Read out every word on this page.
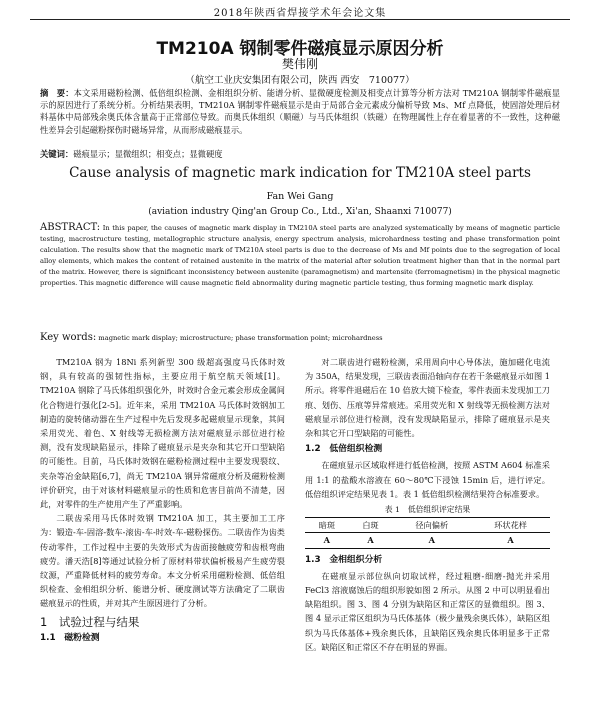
2018年陕西省焊接学术年会论文集
TM210A 钢制零件磁痕显示原因分析
樊伟刚
（航空工业庆安集团有限公司，陕西 西安　710077）
摘　要：本文采用磁粉检测、低倍组织检测、金相组织分析、能谱分析、显微硬度检测及相变点计算等分析方法对 TM210A 钢制零件磁痕显示的原因进行了系统分析。分析结果表明，TM210A 钢制零件磁痕显示是由于局部合金元素成分偏析导致 Ms、Mf 点降低，使固溶处理后材料基体中局部残余奥氏体含量高于正常部位导致。而奥氏体组织（顺磁）与马氏体组织（铁磁）在物理属性上存在着显著的不一致性，这种磁性差异会引起磁粉探伤时磁场异常，从而形成磁痕显示。
关键词：磁痕显示；显微组织；相变点；显微硬度
Cause analysis of magnetic mark indication for TM210A steel parts
Fan Wei Gang
(aviation industry Qing'an Group Co., Ltd., Xi'an, Shaanxi 710077)
ABSTRACT: In this paper, the causes of magnetic mark display in TM210A steel parts are analyzed systematically by means of magnetic particle testing, macrostructure testing, metallographic structure analysis, energy spectrum analysis, microhardness testing and phase transformation point calculation. The results show that the magnetic mark of TM210A steel parts is due to the decrease of Ms and Mf points due to the segregation of local alloy elements, which makes the content of retained austenite in the matrix of the material after solution treatment higher than that in the normal part of the matrix. However, there is significant inconsistency between austenite (paramagnetism) and martensite (ferromagnetism) in the physical magnetic properties. This magnetic difference will cause magnetic field abnormality during magnetic particle testing, thus forming magnetic mark display.
Key words: magnetic mark display; microstructure; phase transformation point; microhardness

TM210A 钢为 18Ni 系列新型 300 级超高强度马氏体时效钢，具有较高的强韧性指标，主要应用于航空航天领域[1]。TM210A 钢除了马氏体组织强化外，时效时合金元素会形成金属间化合物进行强化[2-5]。近年来，采用 TM210A 马氏体时效钢加工制造的旋转储动器在生产过程中先后发现多起磁痕显示现象，其间采用荧光、着色、X 射线等无损检测方法对磁痕显示部位进行检测，没有发现缺陷显示，排除了磁痕显示是夹杂和其它开口型缺陷的可能性。目前，马氏体时效钢在磁粉检测过程中主要发现裂纹、夹杂等冶金缺陷[6,7]，尚无 TM210A 钢异常磁痕分析及磁粉检测评价研究，由于对该材料磁痕显示的性质和危害目前尚不清楚，因此，对零件的生产使用产生了严重影响。

二联齿采用马氏体时效钢 TM210A 加工，其主要加工工序为：锻造-车-固溶-数车-滚齿-车-时效-车-磁粉探伤。二联齿作为齿类传动零件，工作过程中主要的失效形式为齿面接触疲劳和齿根弯曲疲劳。潘天浩[8]等通过试验分析了原材料带状偏析极易产生疲劳裂纹源，严重降低材料的疲劳寿命。本文分析采用磁粉检测、低倍组织检查、金相组织分析、能谱分析、硬度测试等方法确定了二联齿磁痕显示的性质，并对其产生原因进行了分析。

1　试验过程与结果
1.1　磁粉检测

对二联齿进行磁粉检测，采用周向中心导体法，施加磁化电流为 350A，结果发现，三联齿表面沿轴向存在若干条磁痕显示如图 1 所示。将零件退磁后在 10 倍放大镜下检查，零件表面未发现加工刀痕、划伤、压痕等异常痕迹。采用荧光和 X 射线等无损检测方法对磁痕显示部位进行检测，没有发现缺陷显示，排除了磁痕显示是夹杂和其它开口型缺陷的可能性。

1.2　低倍组织检测

在磁痕显示区域取样进行低倍检测，按照 ASTM A604 标准采用 1:1 的盐酸水溶液在 60～80℃下浸蚀 15min 后，进行评定。低倍组织评定结果见表 1。表 1 低倍组织检测结果符合标准要求。

表 1　低倍组织评定结果
暗斑	白斑	径向偏析	环状花样
A	A	A	A
1.3　金相组织分析

在磁痕显示部位纵向切取试样，经过粗磨-细磨-抛光并采用 FeCl3 溶液腐蚀后的组织形貌如图 2 所示。从图 2 中可以明显看出缺陷组织。图 3、图 4 分别为缺陷区和正常区的显微组织。图 3、图 4 显示正常区组织为马氏体基体（极少量残余奥氏体），缺陷区组织为马氏体基体+残余奥氏体，且缺陷区残余奥氏体明显多于正常区。缺陷区和正常区不存在明显的界面。
